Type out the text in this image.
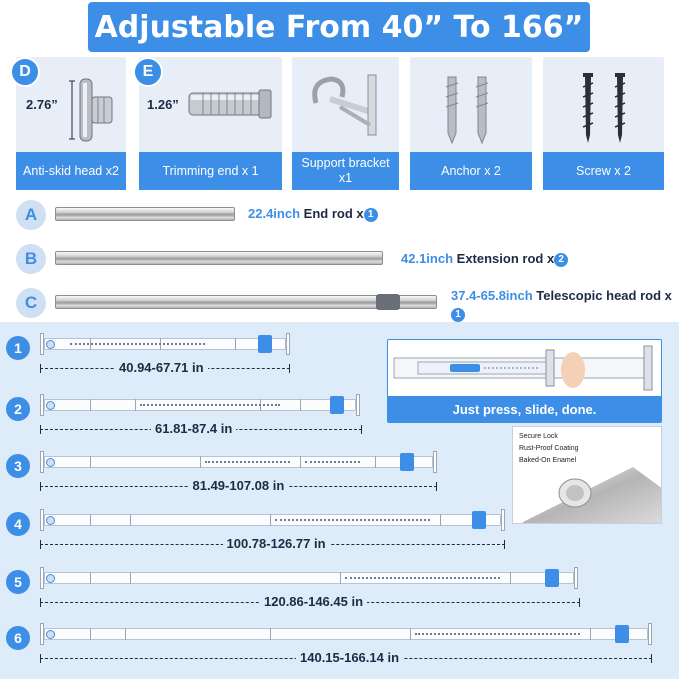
Adjustable From 40” To 166”
D
2.76”
Anti-skid head x2
E
1.26”
Trimming end x 1
Support bracket x1
Anchor x 2	Screw x 2
A	22.4inch End rod x 1
B	42.1inch Extension rod x 2
C	37.4-65.8inch Telescopic head rod x1
1
40.94-67.71 in
2
61.81-87.4 in
3
81.49-107.08 in
4
100.78-126.77 in
5
120.86-146.45 in
6
140.15-166.14 in
Just press, slide, done.
Secure Lock
Rust-Proof Coating
Baked-On Enamel
